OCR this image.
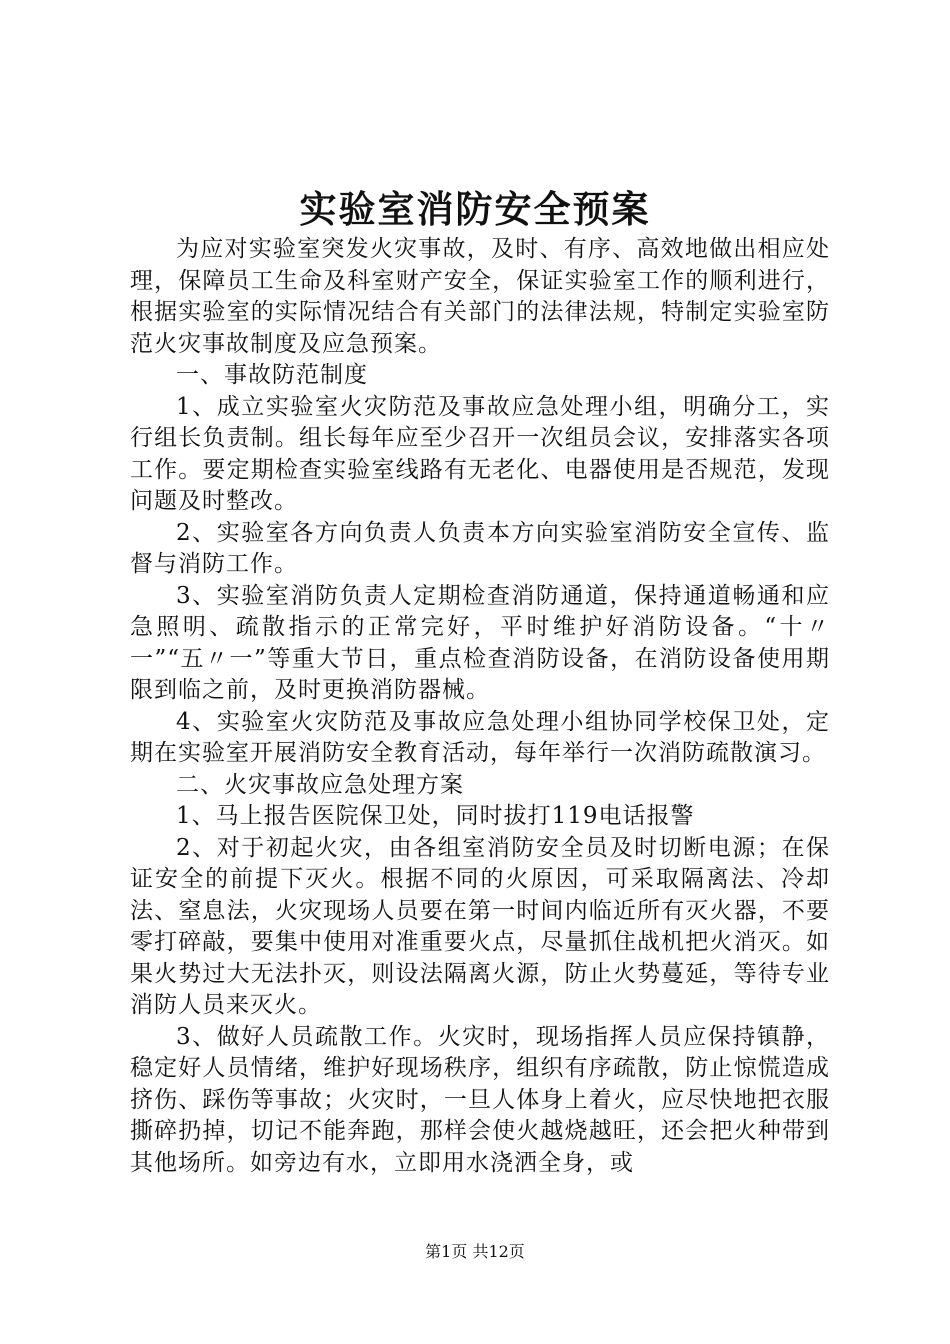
实验室消防安全预案

为应对实验室突发火灾事故，及时、有序、高效地做出相应处理，保障员工生命及科室财产安全，保证实验室工作的顺利进行，根据实验室的实际情况结合有关部门的法律法规，特制定实验室防范火灾事故制度及应急预案。

一、事故防范制度

1、成立实验室火灾防范及事故应急处理小组，明确分工，实行组长负责制。组长每年应至少召开一次组员会议，安排落实各项工作。要定期检查实验室线路有无老化、电器使用是否规范，发现问题及时整改。

2、实验室各方向负责人负责本方向实验室消防安全宣传、监督与消防工作。

3、实验室消防负责人定期检查消防通道，保持通道畅通和应急照明、疏散指示的正常完好，平时维护好消防设备。“十〃一”“五〃一”等重大节日，重点检查消防设备，在消防设备使用期限到临之前，及时更换消防器械。

4、实验室火灾防范及事故应急处理小组协同学校保卫处，定期在实验室开展消防安全教育活动，每年举行一次消防疏散演习。

二、火灾事故应急处理方案

1、马上报告医院保卫处，同时拔打119电话报警

2、对于初起火灾，由各组室消防安全员及时切断电源；在保证安全的前提下灭火。根据不同的火原因，可采取隔离法、冷却法、窒息法，火灾现场人员要在第一时间内临近所有灭火器，不要零打碎敲，要集中使用对准重要火点，尽量抓住战机把火消灭。如果火势过大无法扑灭，则设法隔离火源，防止火势蔓延，等待专业消防人员来灭火。

3、做好人员疏散工作。火灾时，现场指挥人员应保持镇静，稳定好人员情绪，维护好现场秩序，组织有序疏散，防止惊慌造成挤伤、踩伤等事故；火灾时，一旦人体身上着火，应尽快地把衣服撕碎扔掉，切记不能奔跑，那样会使火越烧越旺，还会把火种带到其他场所。如旁边有水，立即用水浇洒全身，或

第1页 共12页
